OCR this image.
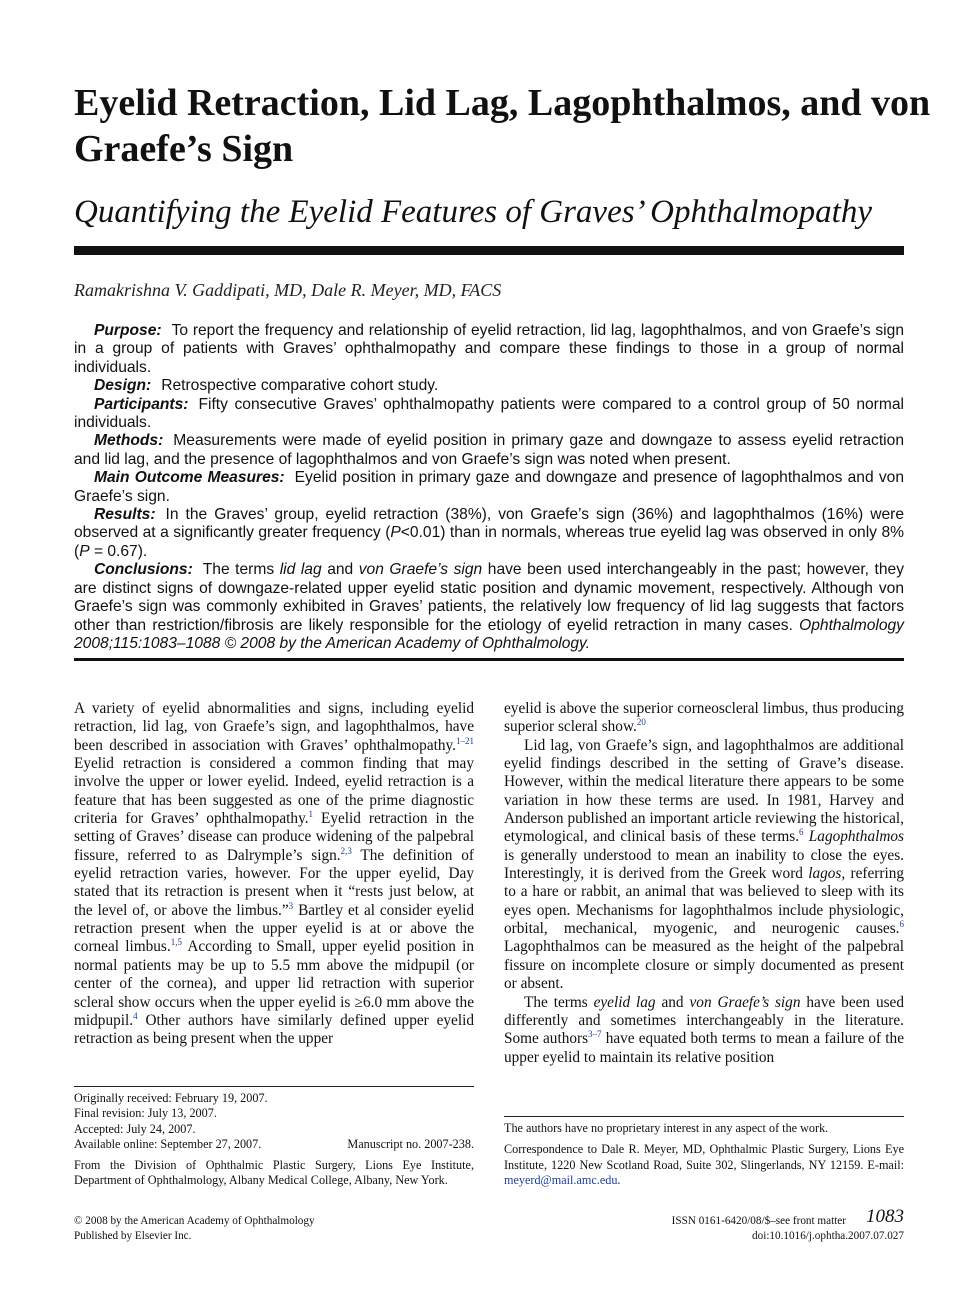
Eyelid Retraction, Lid Lag, Lagophthalmos, and von Graefe’s Sign
Quantifying the Eyelid Features of Graves’ Ophthalmopathy
Ramakrishna V. Gaddipati, MD, Dale R. Meyer, MD, FACS

Purpose: To report the frequency and relationship of eyelid retraction, lid lag, lagophthalmos, and von Graefe’s sign in a group of patients with Graves’ ophthalmopathy and compare these findings to those in a group of normal individuals.

Design: Retrospective comparative cohort study.

Participants: Fifty consecutive Graves’ ophthalmopathy patients were compared to a control group of 50 normal individuals.

Methods: Measurements were made of eyelid position in primary gaze and downgaze to assess eyelid retraction and lid lag, and the presence of lagophthalmos and von Graefe’s sign was noted when present.

Main Outcome Measures: Eyelid position in primary gaze and downgaze and presence of lagophthalmos and von Graefe’s sign.

Results: In the Graves’ group, eyelid retraction (38%), von Graefe’s sign (36%) and lagophthalmos (16%) were observed at a significantly greater frequency (P<0.01) than in normals, whereas true eyelid lag was observed in only 8% (P = 0.67).

Conclusions: The terms lid lag and von Graefe’s sign have been used interchangeably in the past; however, they are distinct signs of downgaze-related upper eyelid static position and dynamic movement, respectively. Although von Graefe’s sign was commonly exhibited in Graves’ patients, the relatively low frequency of lid lag suggests that factors other than restriction/fibrosis are likely responsible for the etiology of eyelid retraction in many cases. Ophthalmology 2008;115:1083–1088 © 2008 by the American Academy of Ophthalmology.

A variety of eyelid abnormalities and signs, including eyelid retraction, lid lag, von Graefe’s sign, and lagophthalmos, have been described in association with Graves’ ophthalmopathy.$^{1-21}$ Eyelid retraction is considered a common finding that may involve the upper or lower eyelid. Indeed, eyelid retraction is a feature that has been suggested as one of the prime diagnostic criteria for Graves’ ophthalmopathy.$^1$ Eyelid retraction in the setting of Graves’ disease can produce widening of the palpebral fissure, referred to as Dalrymple’s sign.$^{2,3}$ The definition of eyelid retraction varies, however. For the upper eyelid, Day stated that its retraction is present when it “rests just below, at the level of, or above the limbus.”$^3$ Bartley et al consider eyelid retraction present when the upper eyelid is at or above the corneal limbus.$^{1,5}$ According to Small, upper eyelid position in normal patients may be up to 5.5 mm above the midpupil (or center of the cornea), and upper lid retraction with superior scleral show occurs when the upper eyelid is ≥6.0 mm above the midpupil.$^4$ Other authors have similarly defined upper eyelid retraction as being present when the upper

eyelid is above the superior corneoscleral limbus, thus producing superior scleral show.$^{20}$

Lid lag, von Graefe’s sign, and lagophthalmos are additional eyelid findings described in the setting of Grave’s disease. However, within the medical literature there appears to be some variation in how these terms are used. In 1981, Harvey and Anderson published an important article reviewing the historical, etymological, and clinical basis of these terms.$^6$ Lagophthalmos is generally understood to mean an inability to close the eyes. Interestingly, it is derived from the Greek word lagos, referring to a hare or rabbit, an animal that was believed to sleep with its eyes open. Mechanisms for lagophthalmos include physiologic, orbital, mechanical, myogenic, and neurogenic causes.$^6$ Lagophthalmos can be measured as the height of the palpebral fissure on incomplete closure or simply documented as present or absent.

The terms eyelid lag and von Graefe’s sign have been used differently and sometimes interchangeably in the literature. Some authors$^{3-7}$ have equated both terms to mean a failure of the upper eyelid to maintain its relative position

Originally received: February 19, 2007.

Final revision: July 13, 2007.

Accepted: July 24, 2007.

Available online: September 27, 2007.	Manuscript no. 2007-238.

From the Division of Ophthalmic Plastic Surgery, Lions Eye Institute, Department of Ophthalmology, Albany Medical College, Albany, New York.

The authors have no proprietary interest in any aspect of the work.

Correspondence to Dale R. Meyer, MD, Ophthalmic Plastic Surgery, Lions Eye Institute, 1220 New Scotland Road, Suite 302, Slingerlands, NY 12159. E-mail: meyerd@mail.amc.edu.

© 2008 by the American Academy of Ophthalmology

Published by Elsevier Inc.

ISSN 0161-6420/08/$–see front matter

doi:10.1016/j.ophtha.2007.07.027

1083
